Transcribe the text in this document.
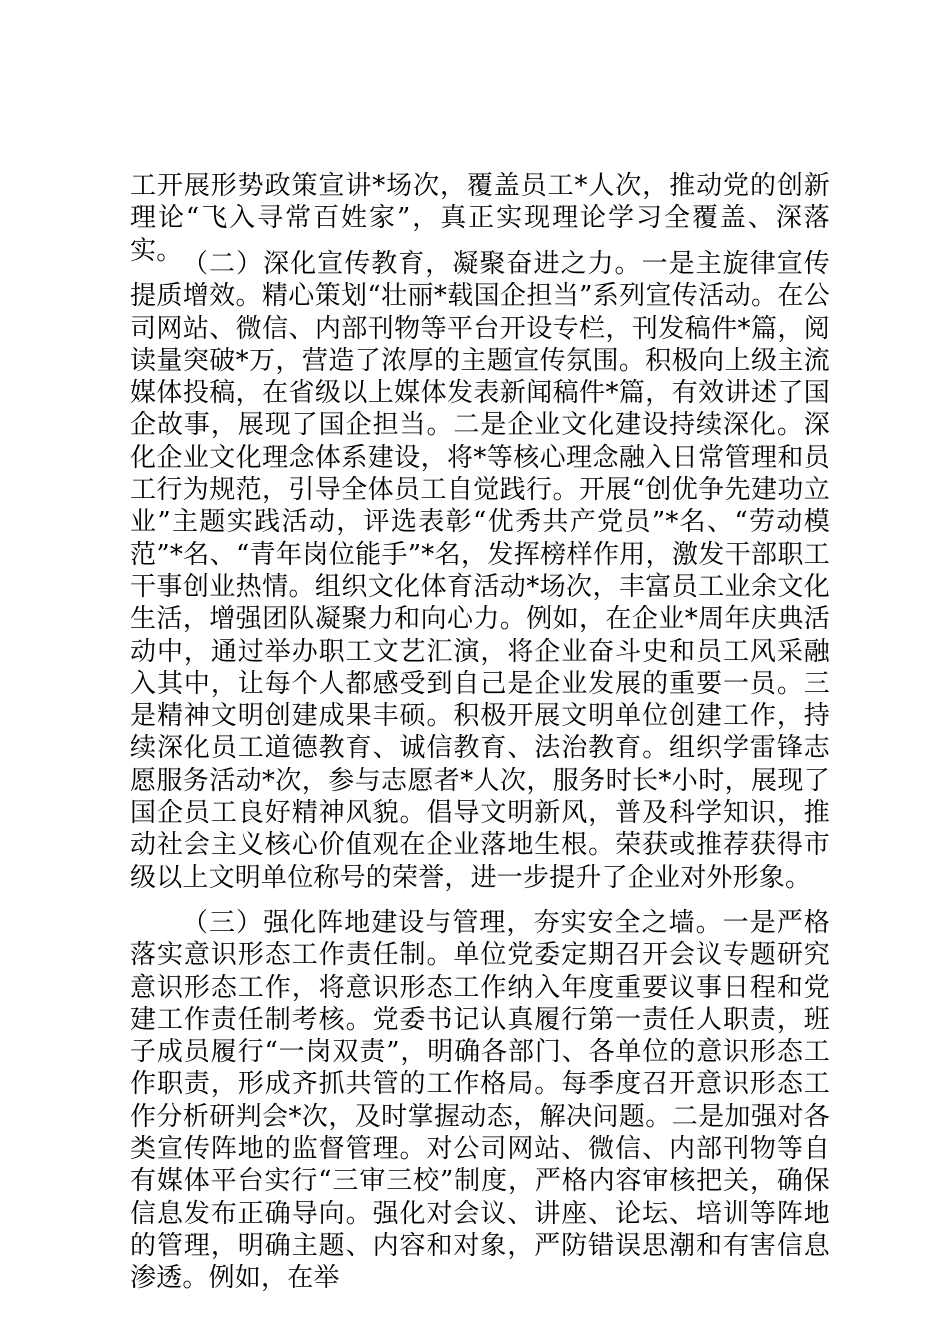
工开展形势政策宣讲*场次，覆盖员工*人次，推动党的创新理论“飞入寻常百姓家”，真正实现理论学习全覆盖、深落实。 （二）深化宣传教育，凝聚奋进之力。一是主旋律宣传提质增效。精心策划“壮丽*载国企担当”系列宣传活动。在公司网站、微信、内部刊物等平台开设专栏，刊发稿件*篇，阅读量突破*万，营造了浓厚的主题宣传氛围。积极向上级主流媒体投稿，在省级以上媒体发表新闻稿件*篇，有效讲述了国企故事，展现了国企担当。二是企业文化建设持续深化。深化企业文化理念体系建设，将*等核心理念融入日常管理和员工行为规范，引导全体员工自觉践行。开展“创优争先建功立业”主题实践活动，评选表彰“优秀共产党员”*名、“劳动模范”*名、“青年岗位能手”*名，发挥榜样作用，激发干部职工干事创业热情。组织文化体育活动*场次，丰富员工业余文化生活，增强团队凝聚力和向心力。例如，在企业*周年庆典活动中，通过举办职工文艺汇演，将企业奋斗史和员工风采融入其中，让每个人都感受到自己是企业发展的重要一员。三是精神文明创建成果丰硕。积极开展文明单位创建工作，持续深化员工道德教育、诚信教育、法治教育。组织学雷锋志愿服务活动*次，参与志愿者*人次，服务时长*小时，展现了国企员工良好精神风貌。倡导文明新风，普及科学知识，推动社会主义核心价值观在企业落地生根。荣获或推荐获得市级以上文明单位称号的荣誉，进一步提升了企业对外形象。

（三）强化阵地建设与管理，夯实安全之墙。一是严格落实意识形态工作责任制。单位党委定期召开会议专题研究意识形态工作，将意识形态工作纳入年度重要议事日程和党建工作责任制考核。党委书记认真履行第一责任人职责，班子成员履行“一岗双责”，明确各部门、各单位的意识形态工作职责，形成齐抓共管的工作格局。每季度召开意识形态工作分析研判会*次，及时掌握动态，解决问题。二是加强对各类宣传阵地的监督管理。对公司网站、微信、内部刊物等自有媒体平台实行“三审三校”制度，严格内容审核把关，确保信息发布正确导向。强化对会议、讲座、论坛、培训等阵地的管理，明确主题、内容和对象，严防错误思潮和有害信息渗透。例如，在举
